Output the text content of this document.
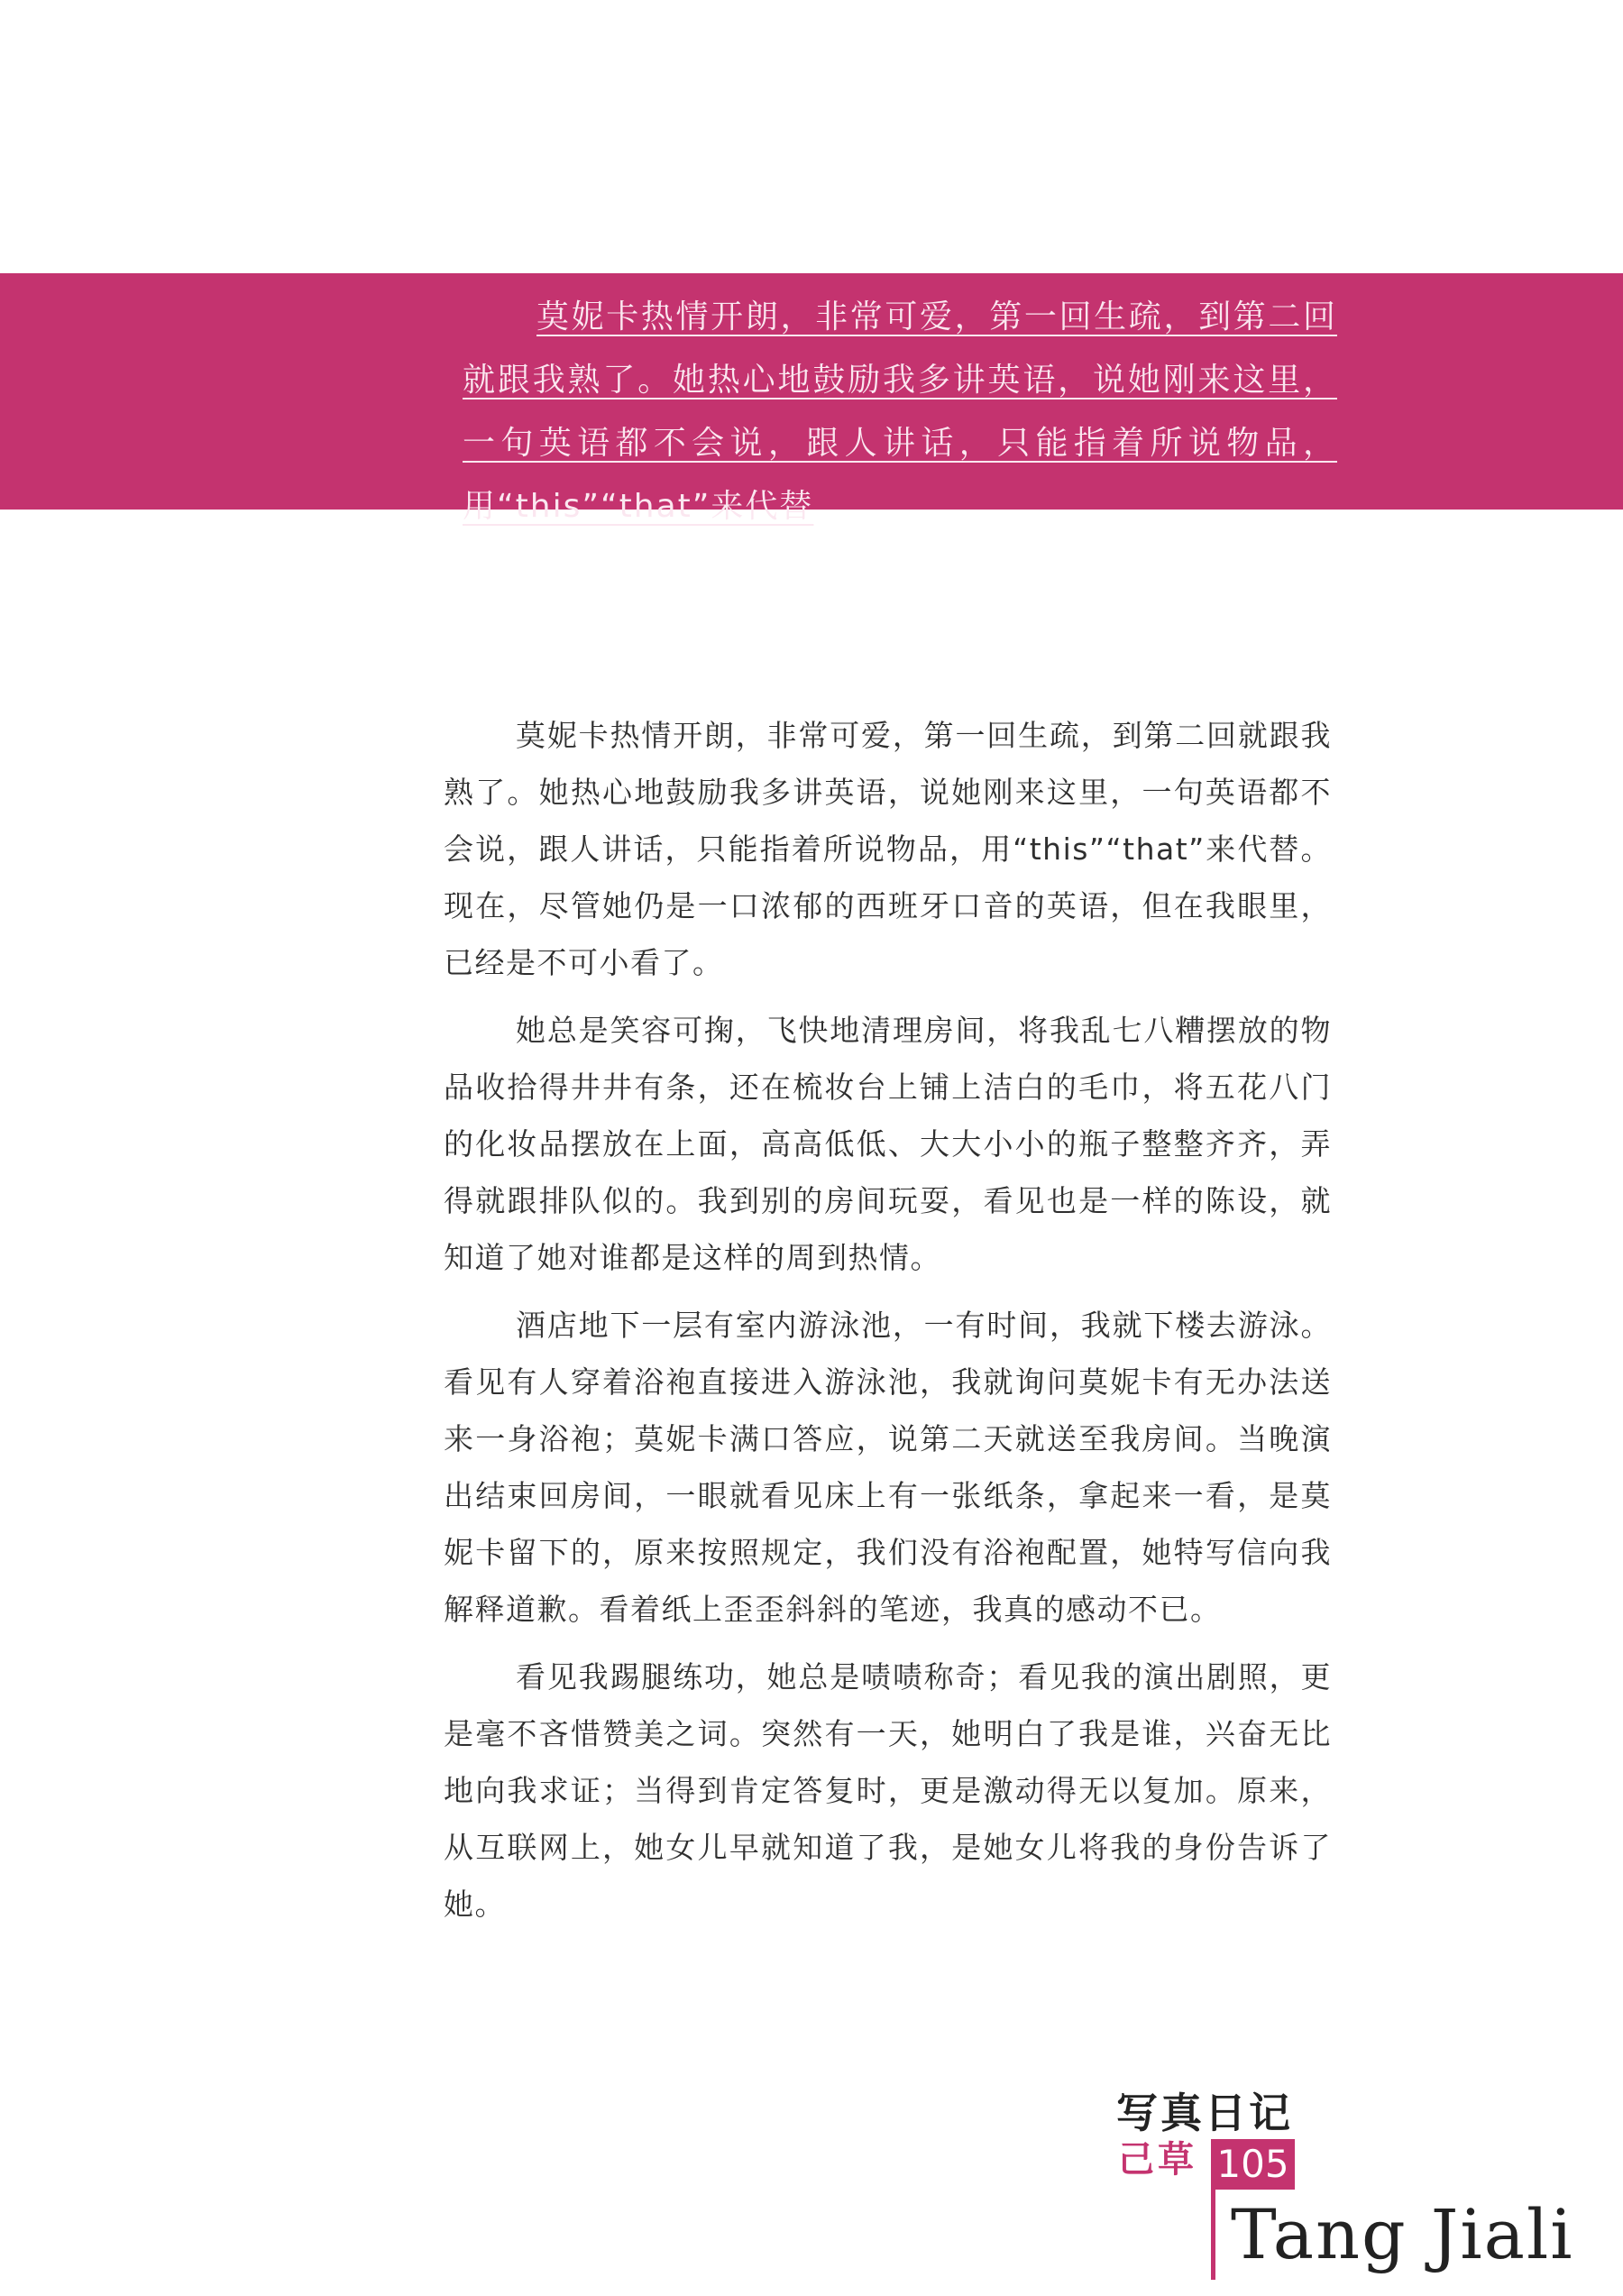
莫妮卡热情开朗，非常可爱，第一回生疏，到第二回就跟我熟了。她热心地鼓励我多讲英语，说她刚来这里，一句英语都不会说，跟人讲话，只能指着所说物品，用“this”“that”来代替

莫妮卡热情开朗，非常可爱，第一回生疏，到第二回就跟我熟了。她热心地鼓励我多讲英语，说她刚来这里，一句英语都不会说，跟人讲话，只能指着所说物品，用“this”“that”来代替。现在，尽管她仍是一口浓郁的西班牙口音的英语，但在我眼里，已经是不可小看了。

她总是笑容可掬，飞快地清理房间，将我乱七八糟摆放的物品收拾得井井有条，还在梳妆台上铺上洁白的毛巾，将五花八门的化妆品摆放在上面，高高低低、大大小小的瓶子整整齐齐，弄得就跟排队似的。我到别的房间玩耍，看见也是一样的陈设，就知道了她对谁都是这样的周到热情。

酒店地下一层有室内游泳池，一有时间，我就下楼去游泳。看见有人穿着浴袍直接进入游泳池，我就询问莫妮卡有无办法送来一身浴袍；莫妮卡满口答应，说第二天就送至我房间。当晚演出结束回房间，一眼就看见床上有一张纸条，拿起来一看，是莫妮卡留下的，原来按照规定，我们没有浴袍配置，她特写信向我解释道歉。看着纸上歪歪斜斜的笔迹，我真的感动不已。

看见我踢腿练功，她总是啧啧称奇；看见我的演出剧照，更是毫不吝惜赞美之词。突然有一天，她明白了我是谁，兴奋无比地向我求证；当得到肯定答复时，更是激动得无以复加。原来，从互联网上，她女儿早就知道了我，是她女儿将我的身份告诉了她。

写真日记
己草 105
Tang Jiali
